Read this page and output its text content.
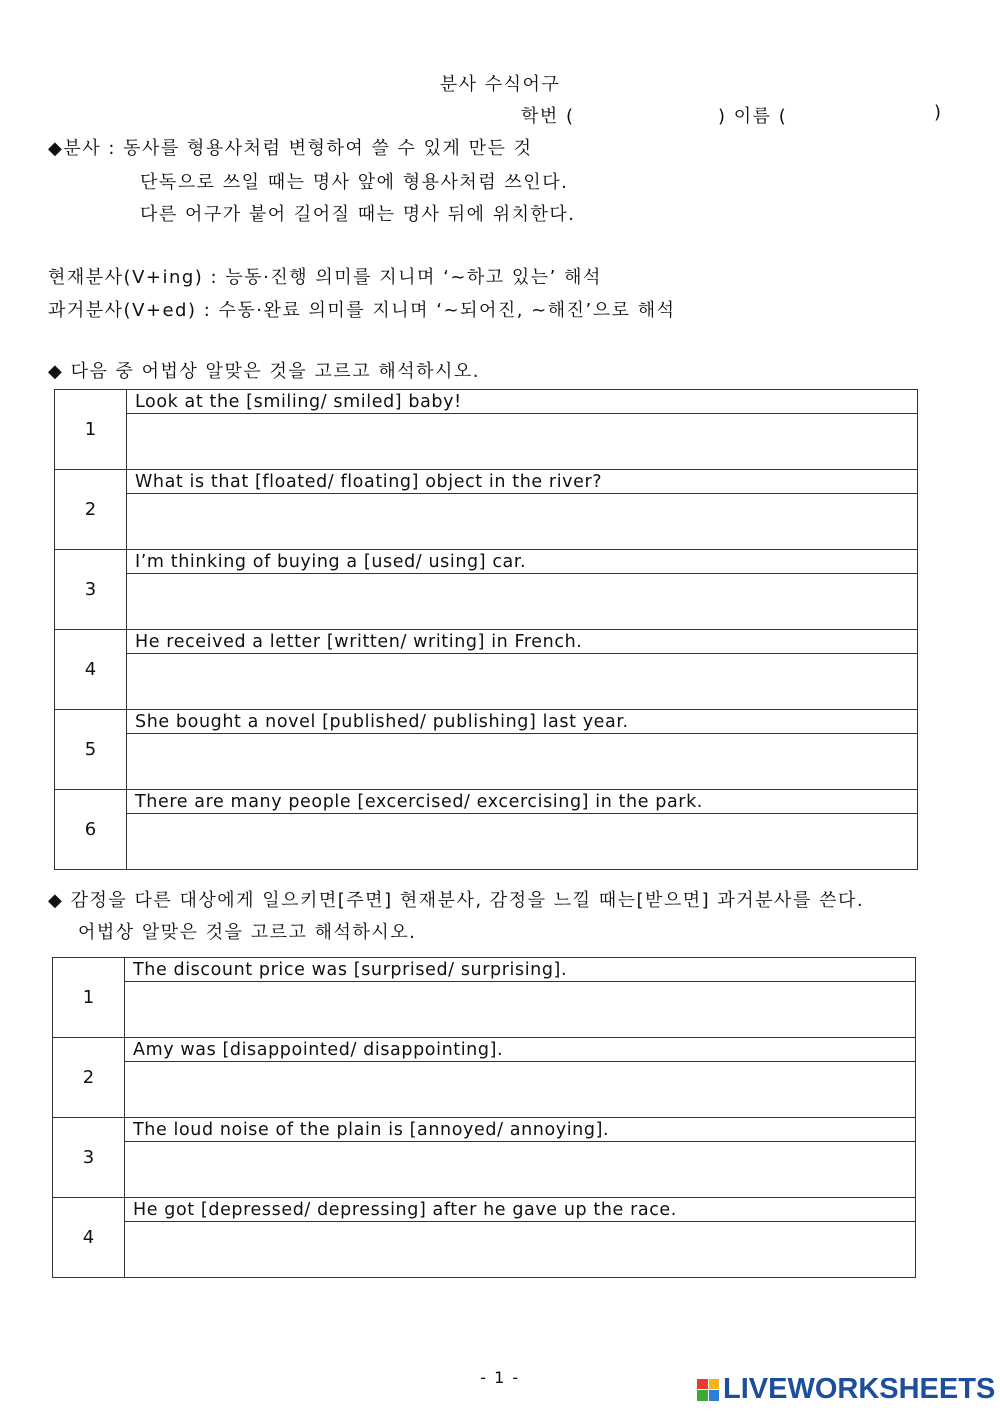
분사 수식어구
학번 (	) 이름 (	)
◆분사 : 동사를 형용사처럼 변형하여 쓸 수 있게 만든 것
단독으로 쓰일 때는 명사 앞에 형용사처럼 쓰인다.
다른 어구가 붙어 길어질 때는 명사 뒤에 위치한다.
현재분사(V+ing) : 능동·진행 의미를 지니며 ‘~하고 있는’ 해석
과거분사(V+ed) : 수동·완료 의미를 지니며 ‘~되어진, ~해진’으로 해석
◆ 다음 중 어법상 알맞은 것을 고르고 해석하시오.
1	Look at the [smiling/ smiled] baby!

2	What is that [floated/ floating] object in the river?

3	I’m thinking of buying a [used/ using] car.

4	He received a letter [written/ writing] in French.

5	She bought a novel [published/ publishing] last year.

6	There are many people [excercised/ excercising] in the park.

◆ 감정을 다른 대상에게 일으키면[주면] 현재분사, 감정을 느낄 때는[받으면] 과거분사를 쓴다.
어법상 알맞은 것을 고르고 해석하시오.
1	The discount price was [surprised/ surprising].

2	Amy was [disappointed/ disappointing].

3	The loud noise of the plain is [annoyed/ annoying].

4	He got [depressed/ depressing] after he gave up the race.

- 1 -	LIVEWORKSHEETS
